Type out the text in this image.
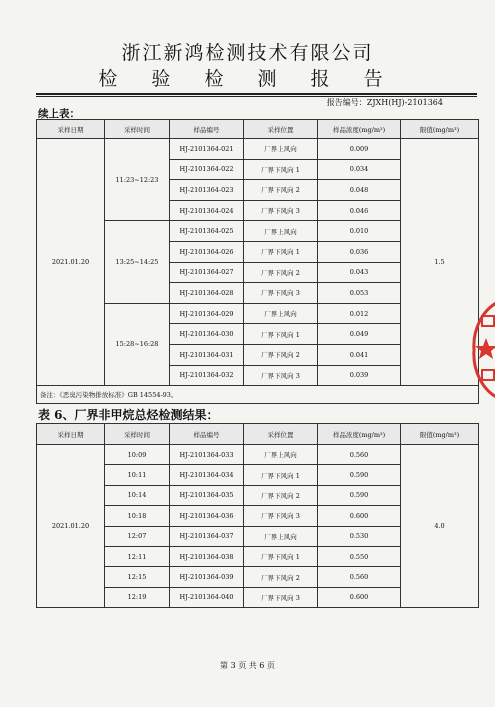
浙江新鸿检测技术有限公司
检 验 检 测 报 告
报告编号：ZJXH(HJ)-2101364
续上表：
采样日期	采样时间	样品编号	采样位置	样品浓度(mg/m³)	限值(mg/m³)
2021.01.20	11:23~12:23	HJ-2101364-021	厂界上风向	0.009	1.5
		HJ-2101364-022	厂界下风向 1	0.034	
		HJ-2101364-023	厂界下风向 2	0.048	
		HJ-2101364-024	厂界下风向 3	0.046	
	13:25~14:25	HJ-2101364-025	厂界上风向	0.010	
		HJ-2101364-026	厂界下风向 1	0.036	
		HJ-2101364-027	厂界下风向 2	0.043	
		HJ-2101364-028	厂界下风向 3	0.053	
	15:28~16:28	HJ-2101364-029	厂界上风向	0.012	
		HJ-2101364-030	厂界下风向 1	0.049	
		HJ-2101364-031	厂界下风向 2	0.041	
		HJ-2101364-032	厂界下风向 3	0.039	
备注：《恶臭污染物排放标准》GB 14554-93。					
表 6、厂界非甲烷总烃检测结果：
采样日期	采样时间	样品编号	采样位置	样品浓度(mg/m³)	限值(mg/m³)
2021.01.20	10:09	HJ-2101364-033	厂界上风向	0.560	4.0
	10:11	HJ-2101364-034	厂界下风向 1	0.590	
	10:14	HJ-2101364-035	厂界下风向 2	0.590	
	10:18	HJ-2101364-036	厂界下风向 3	0.600	
	12:07	HJ-2101364-037	厂界上风向	0.530	
	12:11	HJ-2101364-038	厂界下风向 1	0.550	
	12:15	HJ-2101364-039	厂界下风向 2	0.560	
	12:19	HJ-2101364-040	厂界下风向 3	0.600	
第 3 页 共 6 页
